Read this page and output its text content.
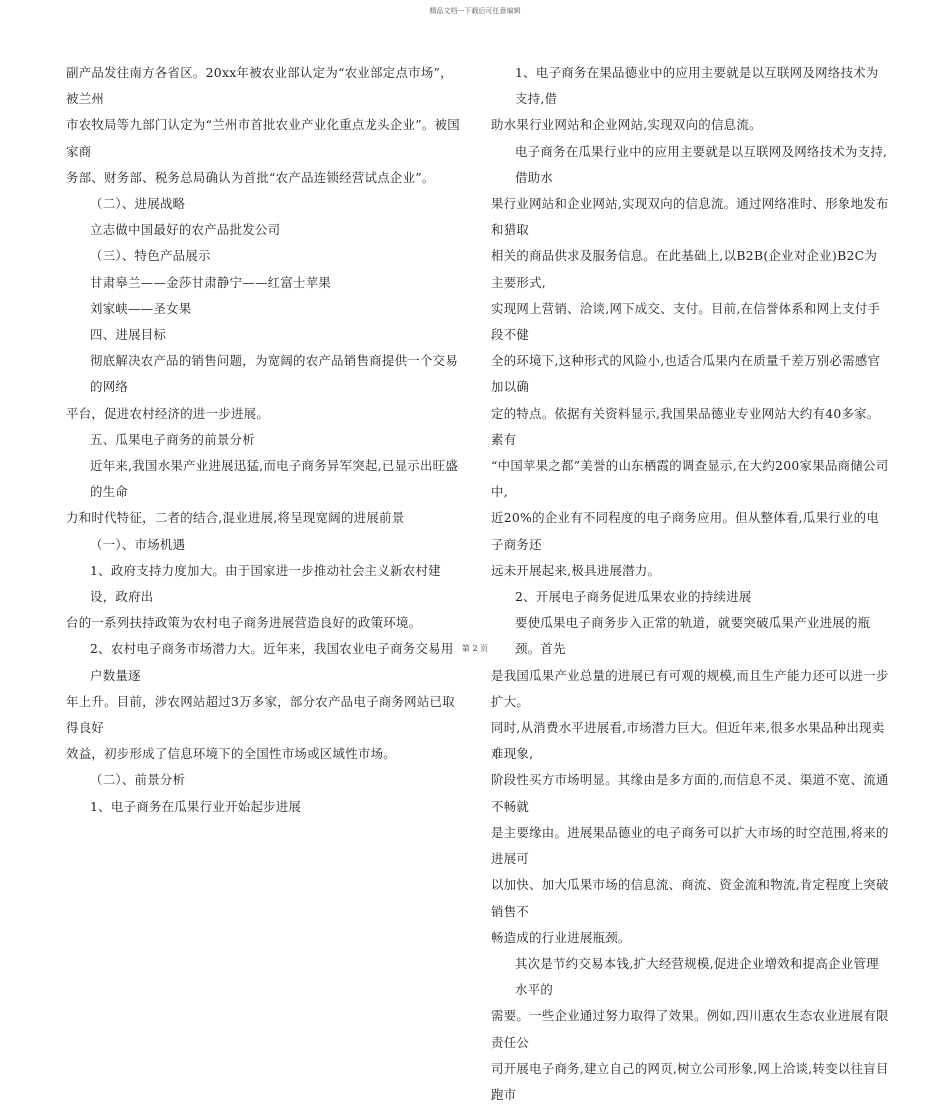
精品文档---下载后可任意编辑

副产品发往南方各省区。20xx年被农业部认定为“农业部定点市场”，被兰州

市农牧局等九部门认定为“兰州市首批农业产业化重点龙头企业”。被国家商

务部、财务部、税务总局确认为首批“农产品连锁经营试点企业”。

（二）、进展战略

立志做中国最好的农产品批发公司

（三）、特色产品展示

甘肃皋兰——金莎甘肃静宁——红富士苹果

刘家峡——圣女果

四、进展目标

彻底解决农产品的销售问题，为宽阔的农产品销售商提供一个交易的网络

平台，促进农村经济的进一步进展。

五、瓜果电子商务的前景分析

近年来,我国水果产业进展迅猛,而电子商务异军突起,已显示出旺盛的生命

力和时代特征，二者的结合,混业进展,将呈现宽阔的进展前景

（一）、市场机遇

1、政府支持力度加大。由于国家进一步推动社会主义新农村建设，政府出

台的一系列扶持政策为农村电子商务进展营造良好的政策环境。

2、农村电子商务市场潜力大。近年来，我国农业电子商务交易用户数量逐

年上升。目前，涉农网站超过3万多家，部分农产品电子商务网站已取得良好

效益，初步形成了信息环境下的全国性市场或区域性市场。

（二）、前景分析

1、电子商务在瓜果行业开始起步进展

1、电子商务在果品德业中的应用主要就是以互联网及网络技术为支持,借

助水果行业网站和企业网站,实现双向的信息流。

电子商务在瓜果行业中的应用主要就是以互联网及网络技术为支持,借助水

果行业网站和企业网站,实现双向的信息流。通过网络准时、形象地发布和猎取

相关的商品供求及服务信息。在此基础上,以B2B(企业对企业)B2C为主要形式,

实现网上营销、洽谈,网下成交、支付。目前,在信誉体系和网上支付手段不健

全的环境下,这种形式的风险小,也适合瓜果内在质量千差万别必需感官加以确

定的特点。依据有关资料显示,我国果品德业专业网站大约有40多家。素有

“中国苹果之都”美誉的山东栖霞的调查显示,在大约200家果品商储公司中,

近20%的企业有不同程度的电子商务应用。但从整体看,瓜果行业的电子商务还

远未开展起来,极具进展潜力。

2、开展电子商务促进瓜果农业的持续进展

要使瓜果电子商务步入正常的轨道，就要突破瓜果产业进展的瓶颈。首先

是我国瓜果产业总量的进展已有可观的规模,而且生产能力还可以进一步扩大。

同时,从消费水平进展看,市场潜力巨大。但近年来,很多水果品种出现卖难现象,

阶段性买方市场明显。其缘由是多方面的,而信息不灵、渠道不宽、流通不畅就

是主要缘由。进展果品德业的电子商务可以扩大市场的时空范围,将来的进展可

以加快、加大瓜果市场的信息流、商流、资金流和物流,肯定程度上突破销售不

畅造成的行业进展瓶颈。

其次是节约交易本钱,扩大经营规模,促进企业增效和提高企业管理水平的

需要。一些企业通过努力取得了效果。例如,四川惠农生态农业进展有限责任公

司开展电子商务,建立自己的网页,树立公司形象,网上洽谈,转变以往盲目跑市

第 2 页
